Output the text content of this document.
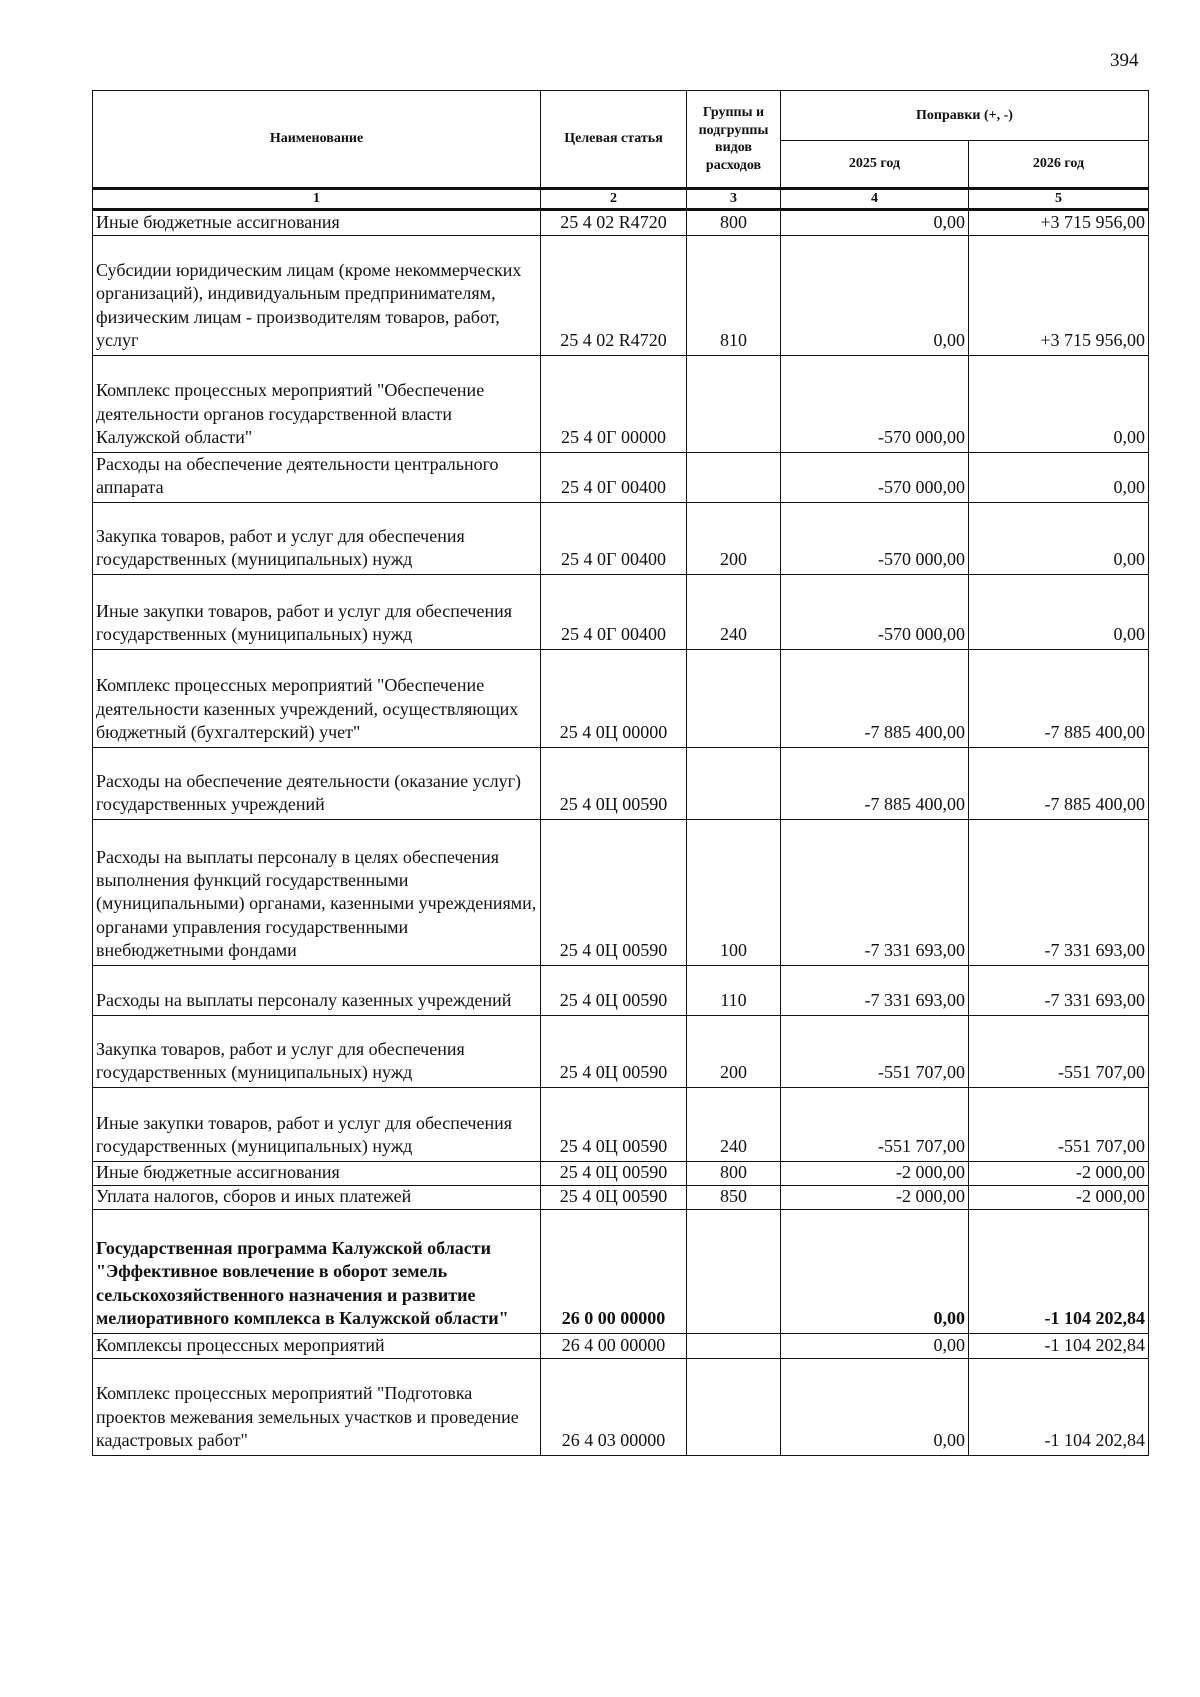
394
Наименование	Целевая статья	Группы и подгруппы видов расходов	Поправки (+, -)	
			2025 год	2026 год
1	2	3	4	5
Иные бюджетные ассигнования	25 4 02 R4720	800	0,00	+3 715 956,00
Субсидии юридическим лицам (кроме некоммерческих организаций), индивидуальным предпринимателям, физическим лицам - производителям товаров, работ, услуг	25 4 02 R4720	810	0,00	+3 715 956,00
Комплекс процессных мероприятий "Обеспечение деятельности органов государственной власти Калужской области"	25 4 0Г 00000		-570 000,00	0,00
Расходы на обеспечение деятельности центрального аппарата	25 4 0Г 00400		-570 000,00	0,00
Закупка товаров, работ и услуг для обеспечения государственных (муниципальных) нужд	25 4 0Г 00400	200	-570 000,00	0,00
Иные закупки товаров, работ и услуг для обеспечения государственных (муниципальных) нужд	25 4 0Г 00400	240	-570 000,00	0,00
Комплекс процессных мероприятий "Обеспечение деятельности казенных учреждений, осуществляющих бюджетный (бухгалтерский) учет"	25 4 0Ц 00000		-7 885 400,00	-7 885 400,00
Расходы на обеспечение деятельности (оказание услуг) государственных учреждений	25 4 0Ц 00590		-7 885 400,00	-7 885 400,00
Расходы на выплаты персоналу в целях обеспечения выполнения функций государственными (муниципальными) органами, казенными учреждениями, органами управления государственными внебюджетными фондами	25 4 0Ц 00590	100	-7 331 693,00	-7 331 693,00
Расходы на выплаты персоналу казенных учреждений	25 4 0Ц 00590	110	-7 331 693,00	-7 331 693,00
Закупка товаров, работ и услуг для обеспечения государственных (муниципальных) нужд	25 4 0Ц 00590	200	-551 707,00	-551 707,00
Иные закупки товаров, работ и услуг для обеспечения государственных (муниципальных) нужд	25 4 0Ц 00590	240	-551 707,00	-551 707,00
Иные бюджетные ассигнования	25 4 0Ц 00590	800	-2 000,00	-2 000,00
Уплата налогов, сборов и иных платежей	25 4 0Ц 00590	850	-2 000,00	-2 000,00
Государственная программа Калужской области "Эффективное вовлечение в оборот земель сельскохозяйственного назначения и развитие мелиоративного комплекса в Калужской области"	26 0 00 00000		0,00	-1 104 202,84
Комплексы процессных мероприятий	26 4 00 00000		0,00	-1 104 202,84
Комплекс процессных мероприятий "Подготовка проектов межевания земельных участков и проведение кадастровых работ"	26 4 03 00000		0,00	-1 104 202,84
